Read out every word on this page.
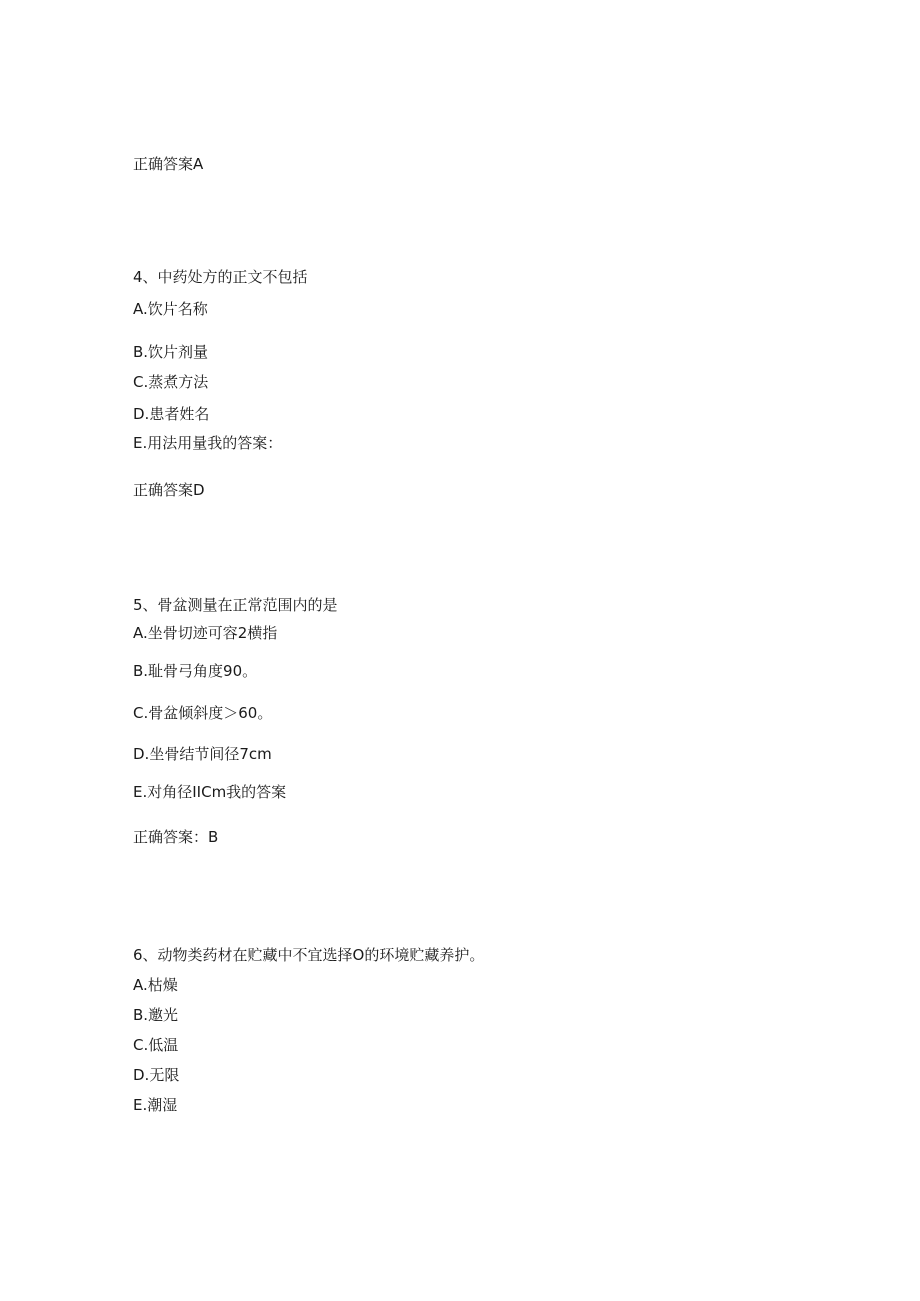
正确答案A
4、中药处方的正文不包括
A.饮片名称
B.饮片剂量
C.蒸煮方法
D.患者姓名
E.用法用量我的答案：
正确答案D
5、骨盆测量在正常范围内的是
A.坐骨切迹可容2横指
B.耻骨弓角度90。
C.骨盆倾斜度＞60。
D.坐骨结节间径7cm
E.对角径IICm我的答案
正确答案：B
6、动物类药材在贮藏中不宜选择O的环境贮藏养护。
A.枯燥
B.邀光
C.低温
D.无限
E.潮湿
